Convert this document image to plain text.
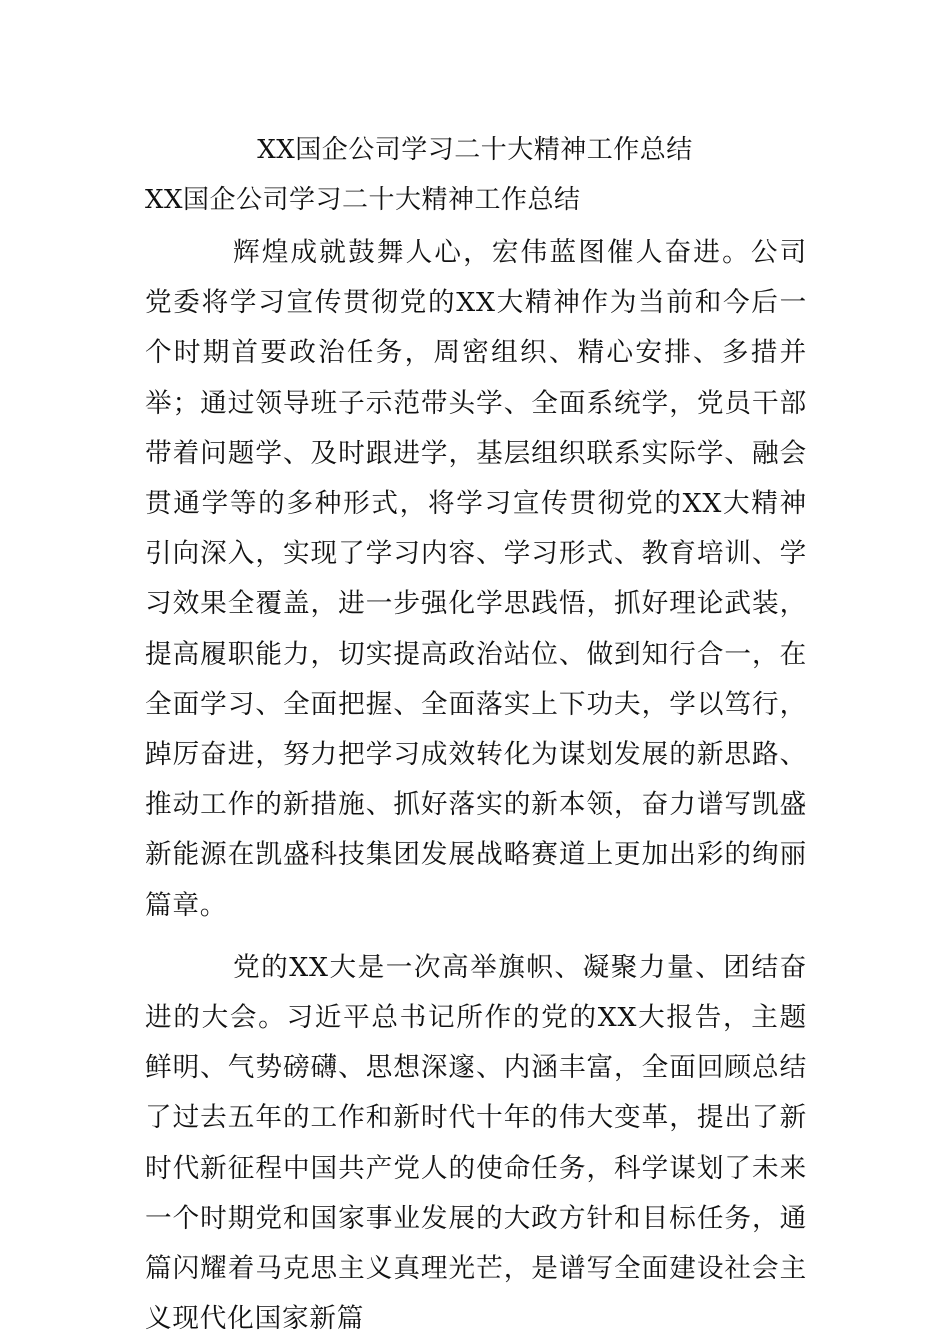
XX国企公司学习二十大精神工作总结
XX国企公司学习二十大精神工作总结

辉煌成就鼓舞人心，宏伟蓝图催人奋进。公司党委将学习宣传贯彻党的XX大精神作为当前和今后一个时期首要政治任务，周密组织、精心安排、多措并举；通过领导班子示范带头学、全面系统学，党员干部带着问题学、及时跟进学，基层组织联系实际学、融会贯通学等的多种形式，将学习宣传贯彻党的XX大精神引向深入，实现了学习内容、学习形式、教育培训、学习效果全覆盖，进一步强化学思践悟，抓好理论武装，提高履职能力，切实提高政治站位、做到知行合一，在全面学习、全面把握、全面落实上下功夫，学以笃行，踔厉奋进，努力把学习成效转化为谋划发展的新思路、推动工作的新措施、抓好落实的新本领，奋力谱写凯盛新能源在凯盛科技集团发展战略赛道上更加出彩的绚丽篇章。

党的XX大是一次高举旗帜、凝聚力量、团结奋进的大会。习近平总书记所作的党的XX大报告，主题鲜明、气势磅礴、思想深邃、内涵丰富，全面回顾总结了过去五年的工作和新时代十年的伟大变革，提出了新时代新征程中国共产党人的使命任务，科学谋划了未来一个时期党和国家事业发展的大政方针和目标任务，通篇闪耀着马克思主义真理光芒，是谱写全面建设社会主义现代化国家新篇
